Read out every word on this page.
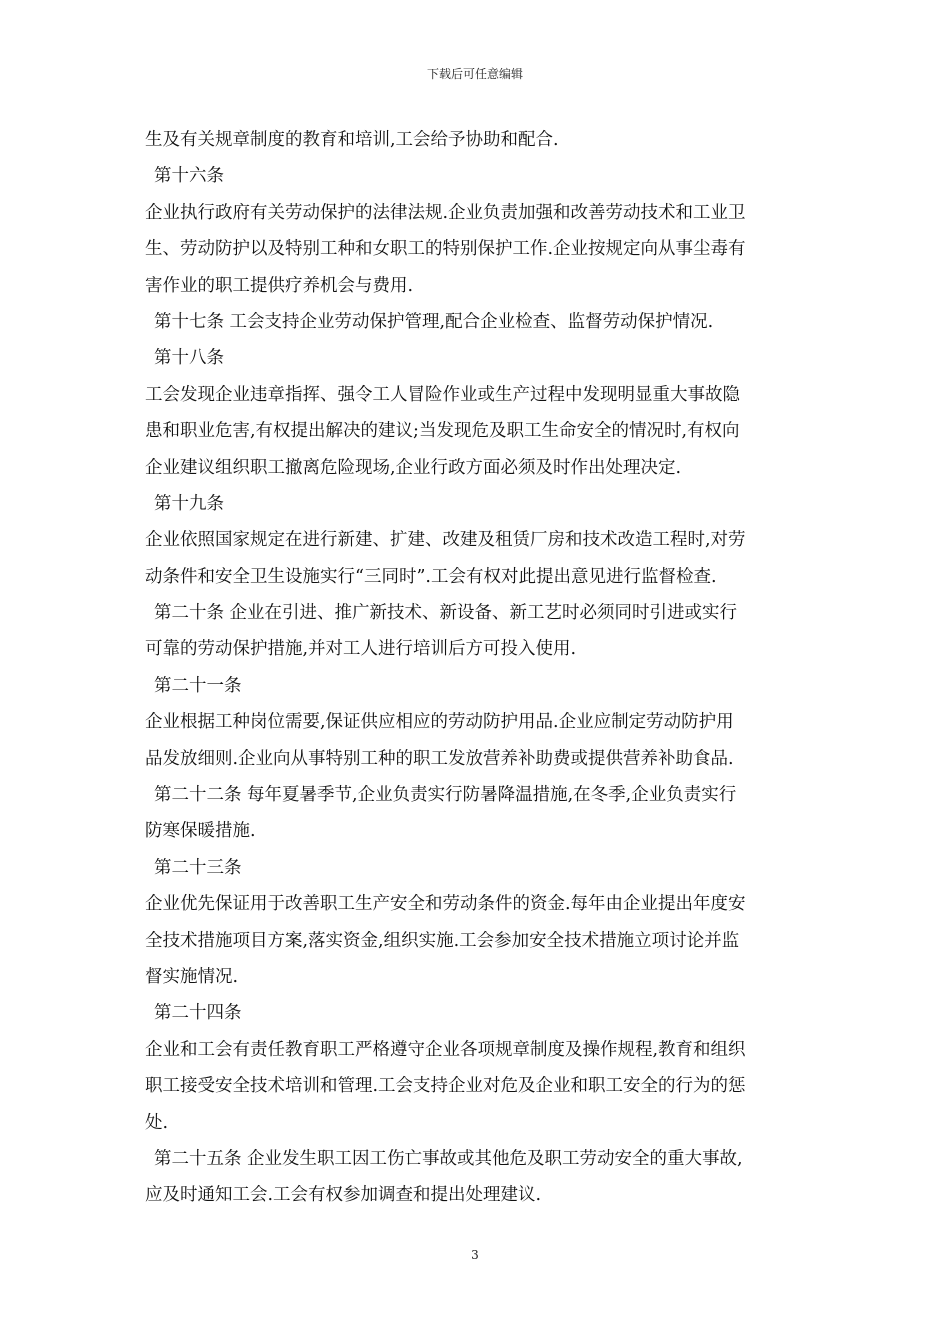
下载后可任意编辑
生及有关规章制度的教育和培训,工会给予协助和配合.
第十六条
企业执行政府有关劳动保护的法律法规.企业负责加强和改善劳动技术和工业卫
生、劳动防护以及特别工种和女职工的特别保护工作.企业按规定向从事尘毒有
害作业的职工提供疗养机会与费用.
第十七条 工会支持企业劳动保护管理,配合企业检查、监督劳动保护情况.
第十八条
工会发现企业违章指挥、强令工人冒险作业或生产过程中发现明显重大事故隐
患和职业危害,有权提出解决的建议;当发现危及职工生命安全的情况时,有权向
企业建议组织职工撤离危险现场,企业行政方面必须及时作出处理决定.
第十九条
企业依照国家规定在进行新建、扩建、改建及租赁厂房和技术改造工程时,对劳
动条件和安全卫生设施实行“三同时”.工会有权对此提出意见进行监督检查.
第二十条 企业在引进、推广新技术、新设备、新工艺时必须同时引进或实行
可靠的劳动保护措施,并对工人进行培训后方可投入使用.
第二十一条
企业根据工种岗位需要,保证供应相应的劳动防护用品.企业应制定劳动防护用
品发放细则.企业向从事特别工种的职工发放营养补助费或提供营养补助食品.
第二十二条 每年夏暑季节,企业负责实行防暑降温措施,在冬季,企业负责实行
防寒保暖措施.
第二十三条
企业优先保证用于改善职工生产安全和劳动条件的资金.每年由企业提出年度安
全技术措施项目方案,落实资金,组织实施.工会参加安全技术措施立项讨论并监
督实施情况.
第二十四条
企业和工会有责任教育职工严格遵守企业各项规章制度及操作规程,教育和组织
职工接受安全技术培训和管理.工会支持企业对危及企业和职工安全的行为的惩
处.
第二十五条 企业发生职工因工伤亡事故或其他危及职工劳动安全的重大事故,
应及时通知工会.工会有权参加调查和提出处理建议.
3
